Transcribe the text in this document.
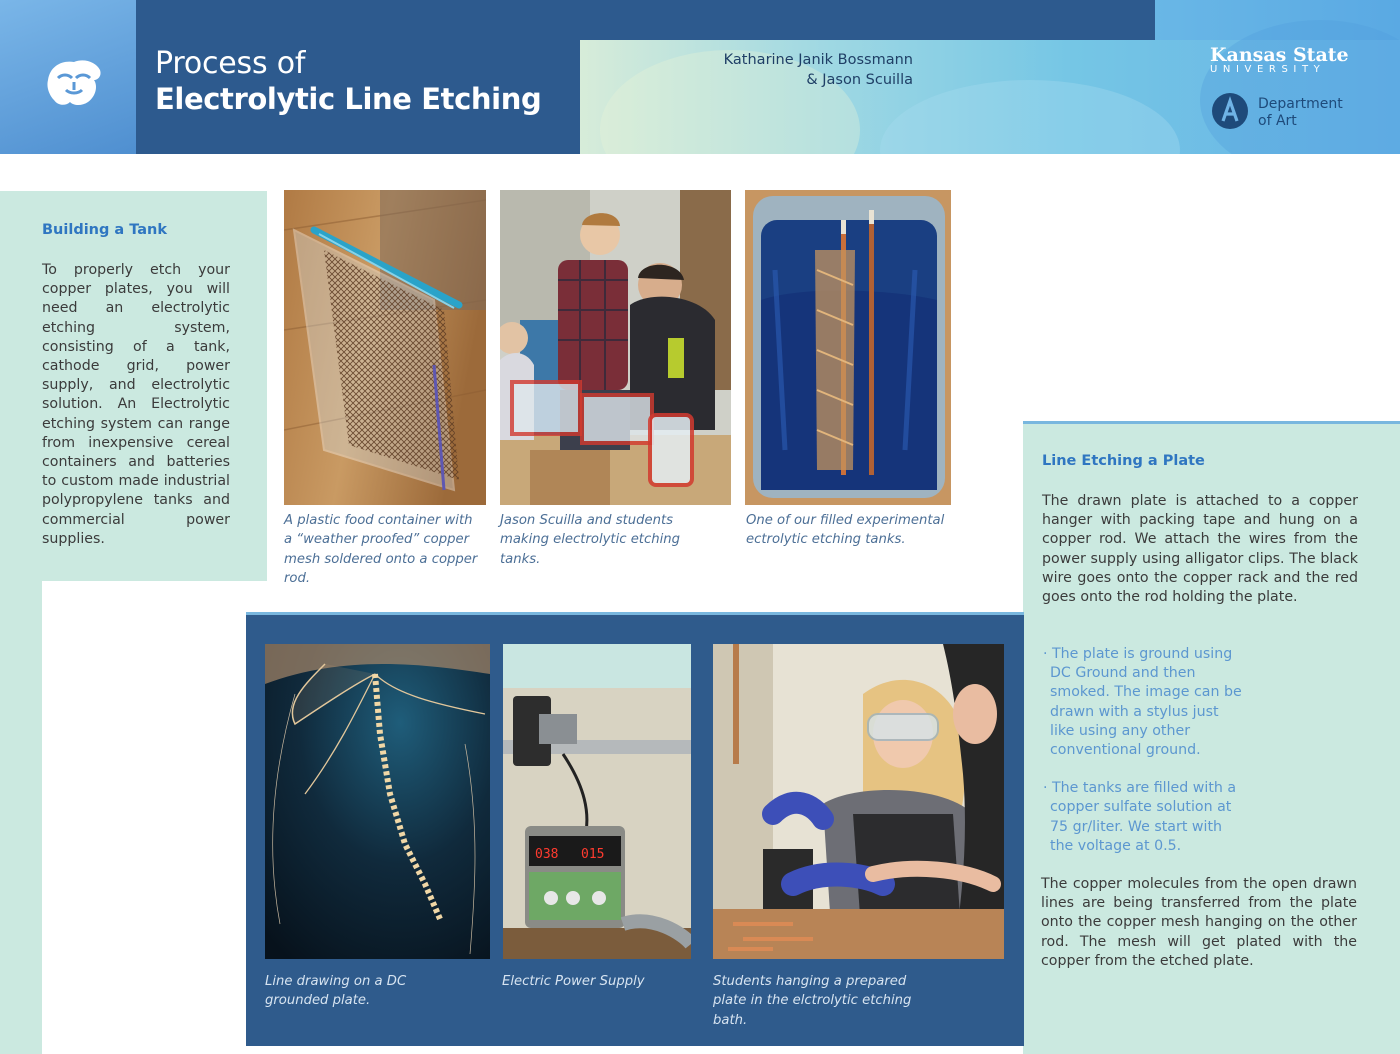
Process of
Electrolytic Line Etching
Katharine Janik Bossmann
& Jason Scuilla
Kansas State
UNIVERSITY
Department
of Art
Building a Tank
To properly etch your copper plates, you will need an electrolytic etching system, consisting of a tank, cathode grid, power supply, and electrolytic solution. An Electrolytic etching system can range from inexpensive cereal containers and batteries to custom made industrial polypropylene tanks and commercial power supplies.
A plastic food container with a “weather proofed” copper mesh soldered onto a copper rod.
Jason Scuilla and students making electrolytic etching tanks.
One of our filled experimental ectrolytic etching tanks.
Line Etching a Plate
The drawn plate is attached to a copper hanger with packing tape and hung on a copper rod. We attach the wires from the power supply using alligator clips. The black wire goes onto the copper rack and the red goes onto the rod holding the plate.
· The plate is ground using DC Ground and then smoked. The image can be drawn with a stylus just like using any other conventional ground.
· The tanks are filled with a copper sulfate solution at 75 gr/liter. We start with the voltage at 0.5.
The copper molecules from the open drawn lines are being transferred from the plate onto the copper mesh hanging on the other rod. The mesh will get plated with the copper from the etched plate.
038 015
Line drawing on a DC grounded plate.
Electric Power Supply	Students hanging a prepared plate in the elctrolytic etching bath.
